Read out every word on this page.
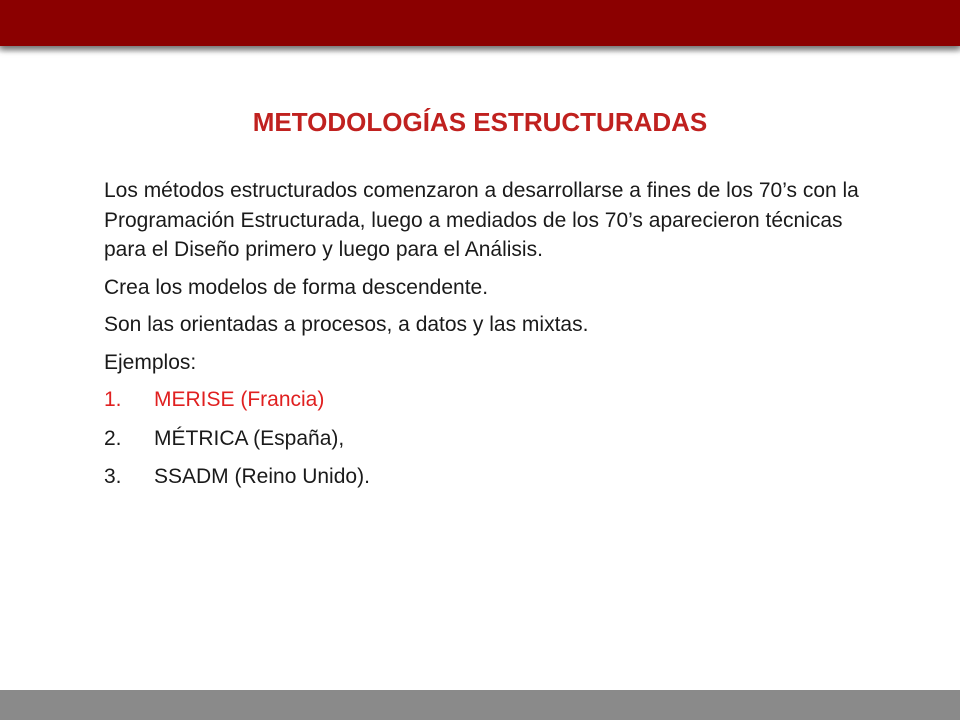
METODOLOGÍAS ESTRUCTURADAS

Los métodos estructurados comenzaron a desarrollarse a fines de los 70’s con la Programación Estructurada, luego a mediados de los 70’s aparecieron técnicas para el Diseño primero y luego para el Análisis.

Crea los modelos de forma descendente.

Son las orientadas a procesos, a datos y las mixtas.

Ejemplos:

1.	MERISE (Francia)
2.	MÉTRICA (España),
3.	SSADM (Reino Unido).
